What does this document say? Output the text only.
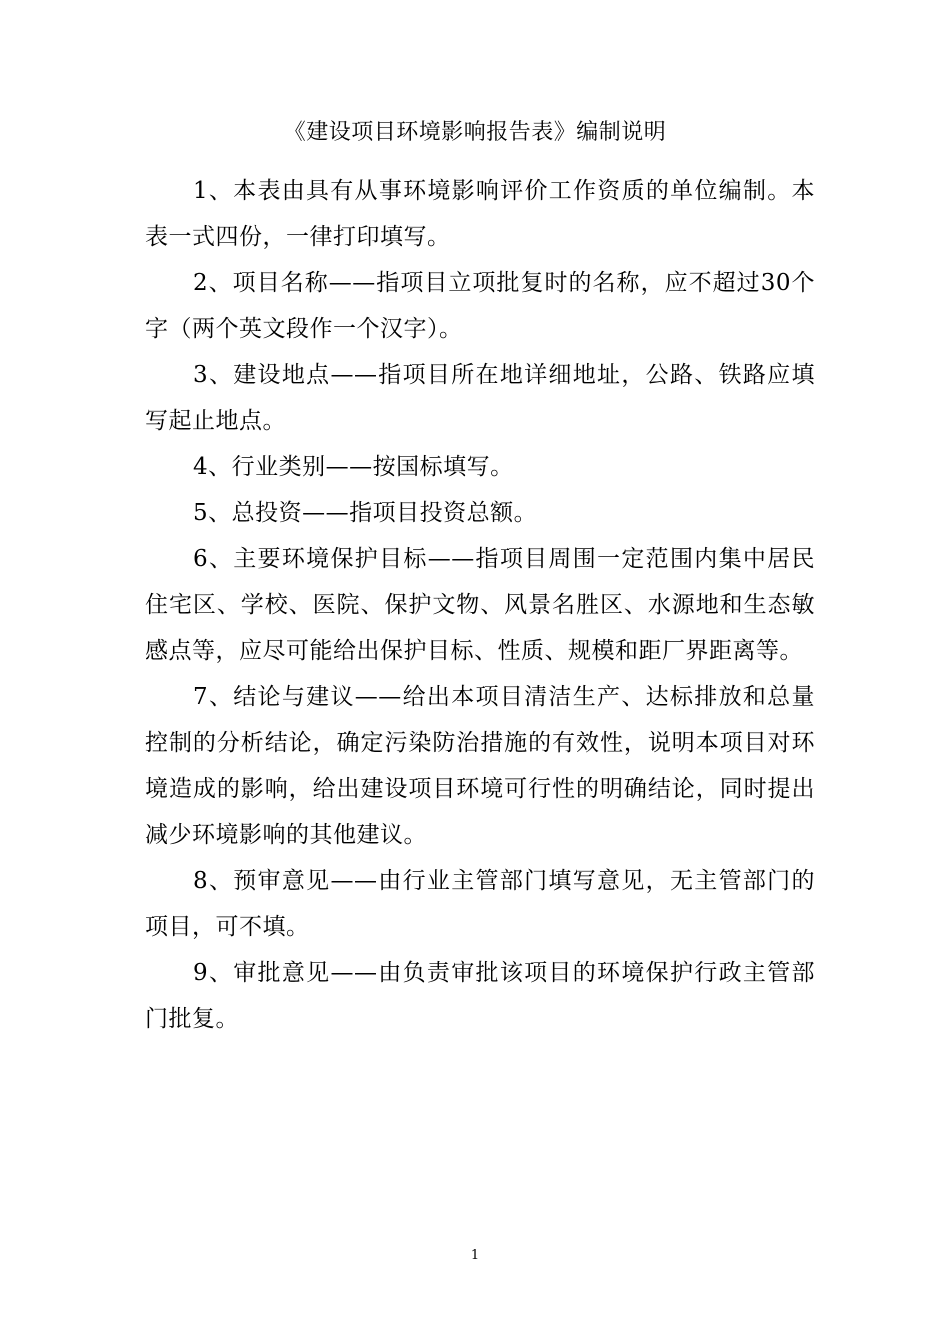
《建设项目环境影响报告表》编制说明

1、本表由具有从事环境影响评价工作资质的单位编制。本表一式四份，一律打印填写。

2、项目名称——指项目立项批复时的名称，应不超过30个字（两个英文段作一个汉字）。

3、建设地点——指项目所在地详细地址，公路、铁路应填写起止地点。

4、行业类别——按国标填写。

5、总投资——指项目投资总额。

6、主要环境保护目标——指项目周围一定范围内集中居民住宅区、学校、医院、保护文物、风景名胜区、水源地和生态敏感点等，应尽可能给出保护目标、性质、规模和距厂界距离等。

7、结论与建议——给出本项目清洁生产、达标排放和总量控制的分析结论，确定污染防治措施的有效性，说明本项目对环境造成的影响，给出建设项目环境可行性的明确结论，同时提出减少环境影响的其他建议。

8、预审意见——由行业主管部门填写意见，无主管部门的项目，可不填。

9、审批意见——由负责审批该项目的环境保护行政主管部门批复。

1
